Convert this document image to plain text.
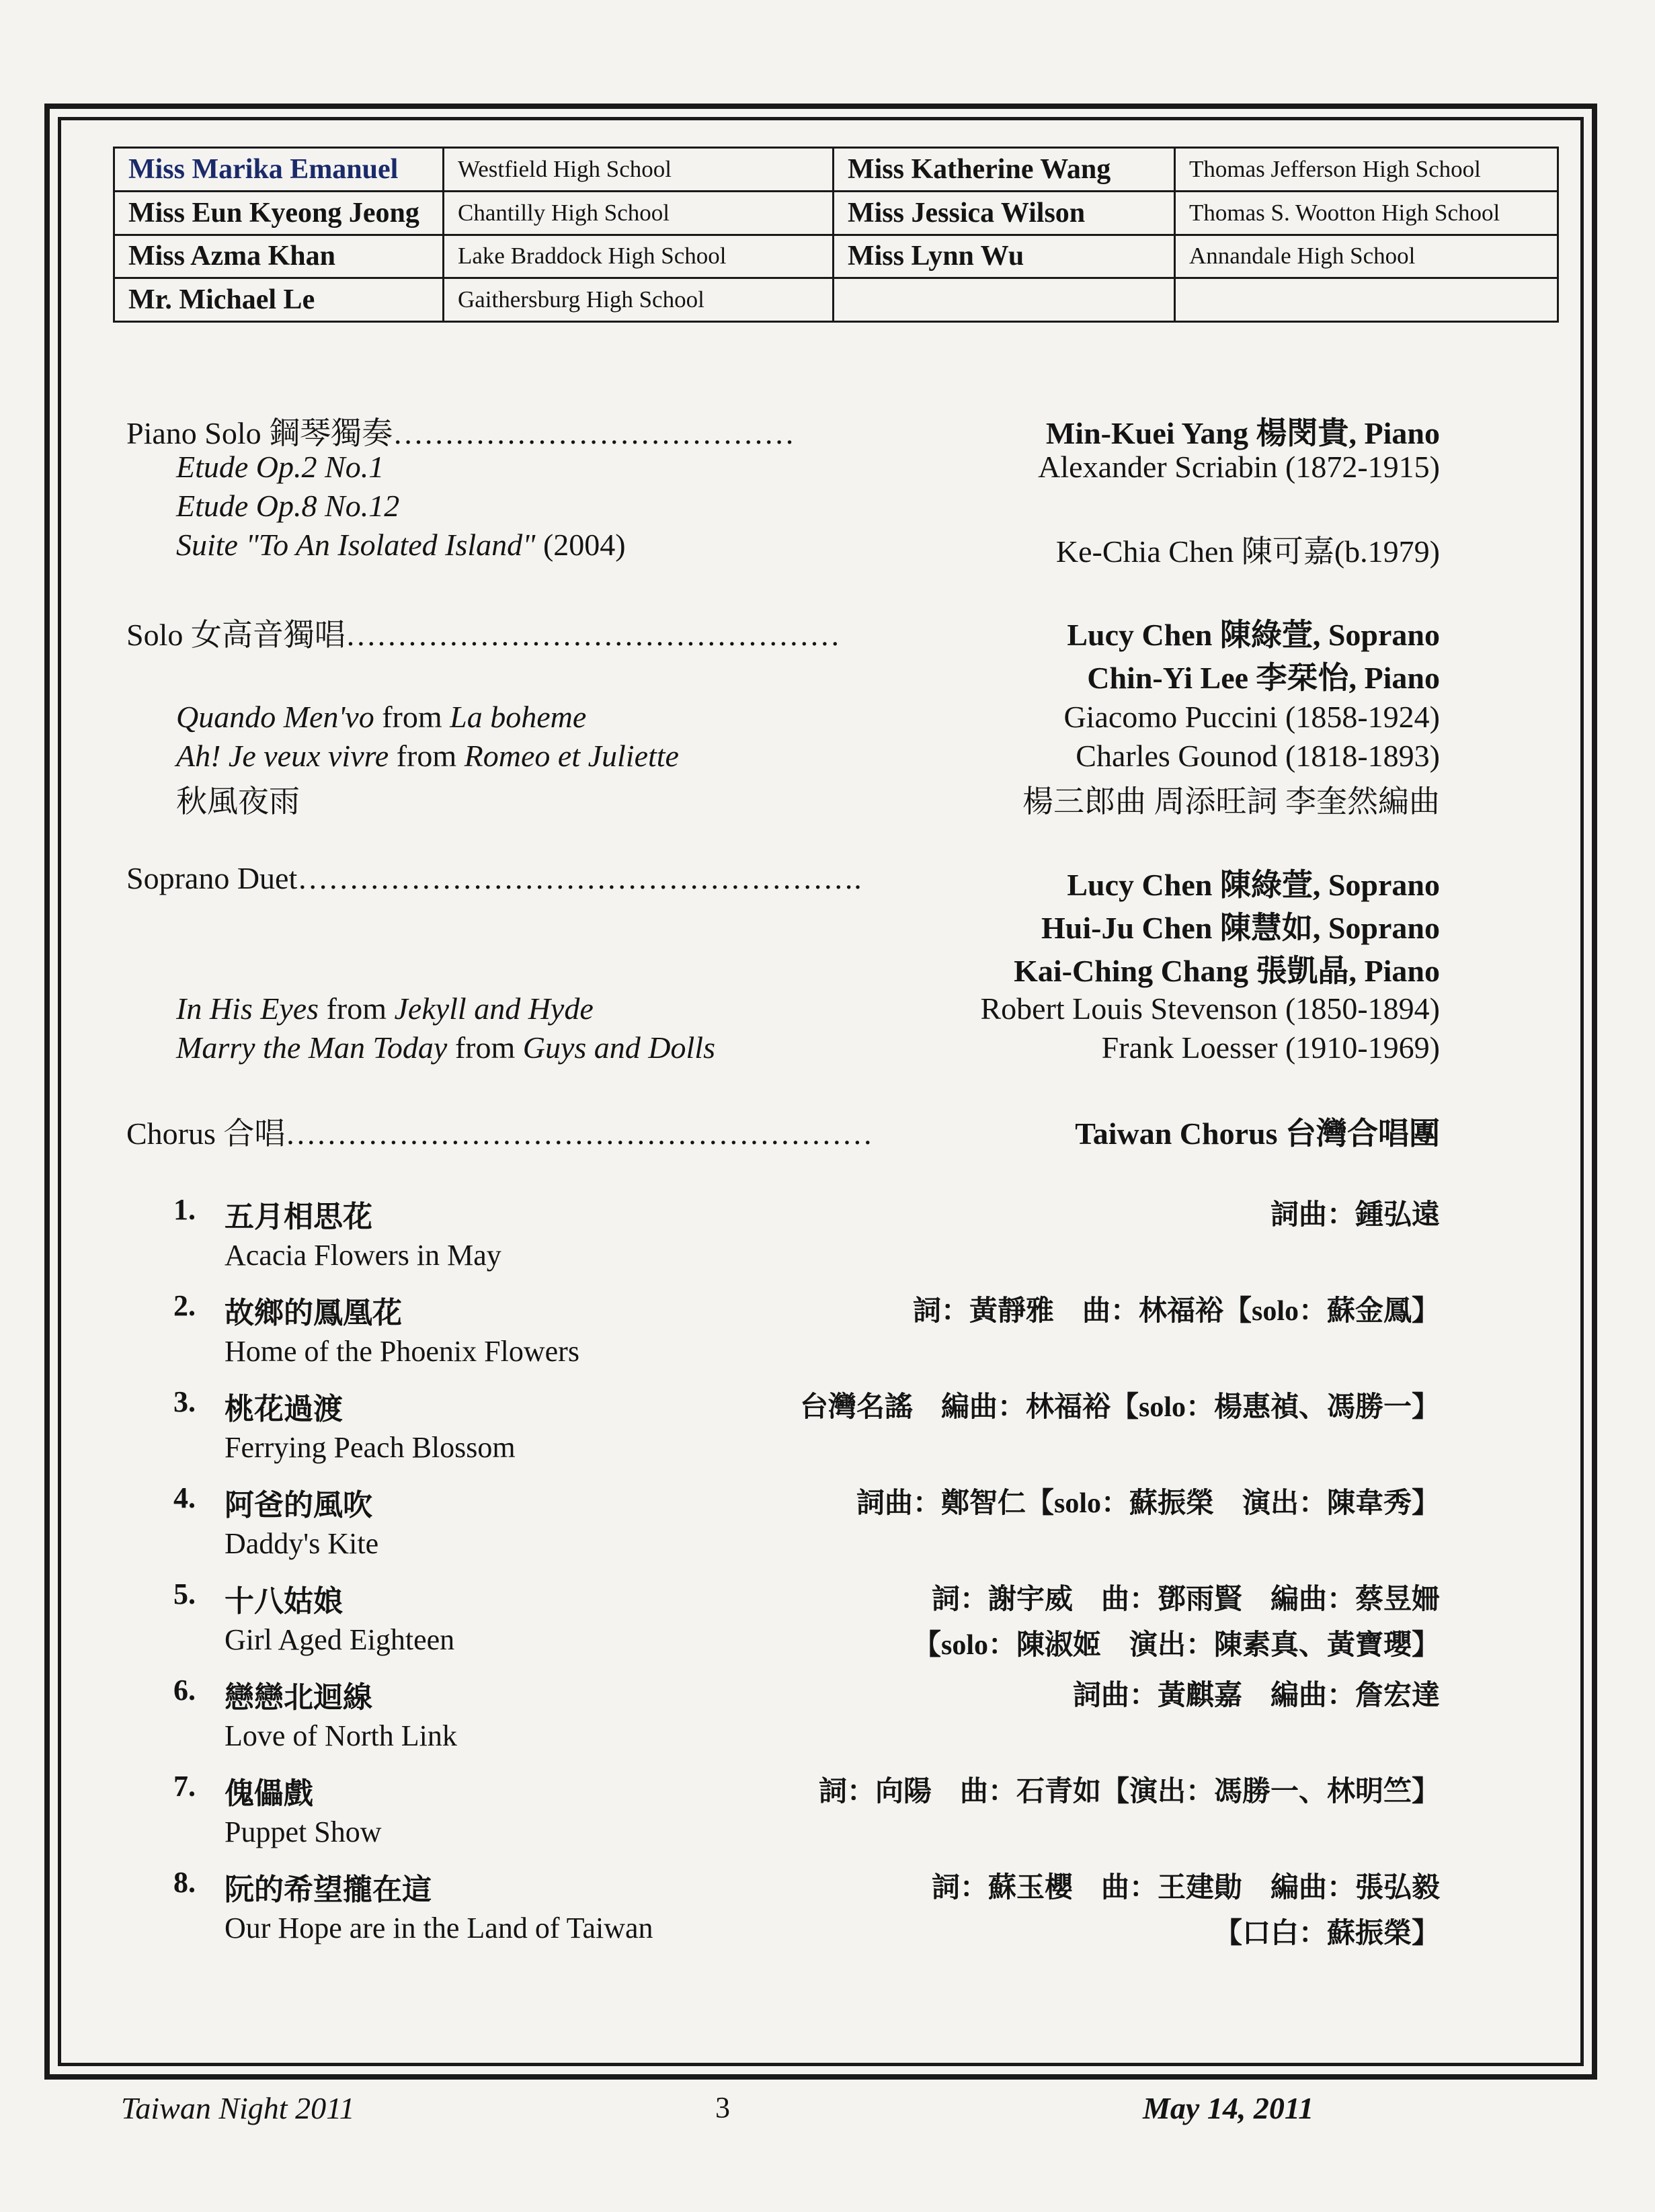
Miss Marika Emanuel	Westfield High School	Miss Katherine Wang	Thomas Jefferson High School
Miss Eun Kyeong Jeong	Chantilly High School	Miss Jessica Wilson	Thomas S. Wootton High School
Miss Azma Khan	Lake Braddock High School	Miss Lynn Wu	Annandale High School
Mr. Michael Le	Gaithersburg High School		
Piano Solo 鋼琴獨奏…………………………………	Min-Kuei Yang 楊閔貴, Piano
Etude Op.2 No.1	Alexander Scriabin (1872-1915)
Etude Op.8 No.12
Suite "To An Isolated Island" (2004)	Ke-Chia Chen 陳可嘉(b.1979)
Solo 女高音獨唱…………………………………………	Lucy Chen 陳綠萱, Soprano
Chin-Yi Lee 李栞怡, Piano
Quando Men'vo from La boheme	Giacomo Puccini (1858-1924)
Ah! Je veux vivre from Romeo et Juliette	Charles Gounod (1818-1893)
秋風夜雨	楊三郎曲 周添旺詞 李奎然編曲
Soprano Duet……………………………………………….	Lucy Chen 陳綠萱, Soprano
Hui-Ju Chen 陳慧如, Soprano
Kai-Ching Chang 張凱晶, Piano
In His Eyes from Jekyll and Hyde	Robert Louis Stevenson (1850-1894)
Marry the Man Today from Guys and Dolls	Frank Loesser (1910-1969)
Chorus 合唱…………………………………………………	Taiwan Chorus 台灣合唱團
1. 五月相思花	詞曲：鍾弘遠
Acacia Flowers in May
2. 故鄉的鳳凰花	詞：黃靜雅　曲：林福裕【solo：蘇金鳳】
Home of the Phoenix Flowers
3. 桃花過渡	台灣名謠　編曲：林福裕【solo：楊惠禎、馮勝一】
Ferrying Peach Blossom
4. 阿爸的風吹	詞曲：鄭智仁【solo：蘇振榮　演出：陳韋秀】
Daddy's Kite
5. 十八姑娘	詞：謝宇威　曲：鄧雨賢　編曲：蔡昱姍
Girl Aged Eighteen	【solo：陳淑姬　演出：陳素真、黃寶瓔】
6. 戀戀北迴線	詞曲：黃麒嘉　編曲：詹宏達
Love of North Link
7. 傀儡戲	詞：向陽　曲：石青如【演出：馮勝一、林明竺】
Puppet Show
8. 阮的希望攏在這	詞：蘇玉櫻　曲：王建勛　編曲：張弘毅
Our Hope are in the Land of Taiwan	【口白：蘇振榮】
Taiwan Night 2011	3	May 14, 2011
